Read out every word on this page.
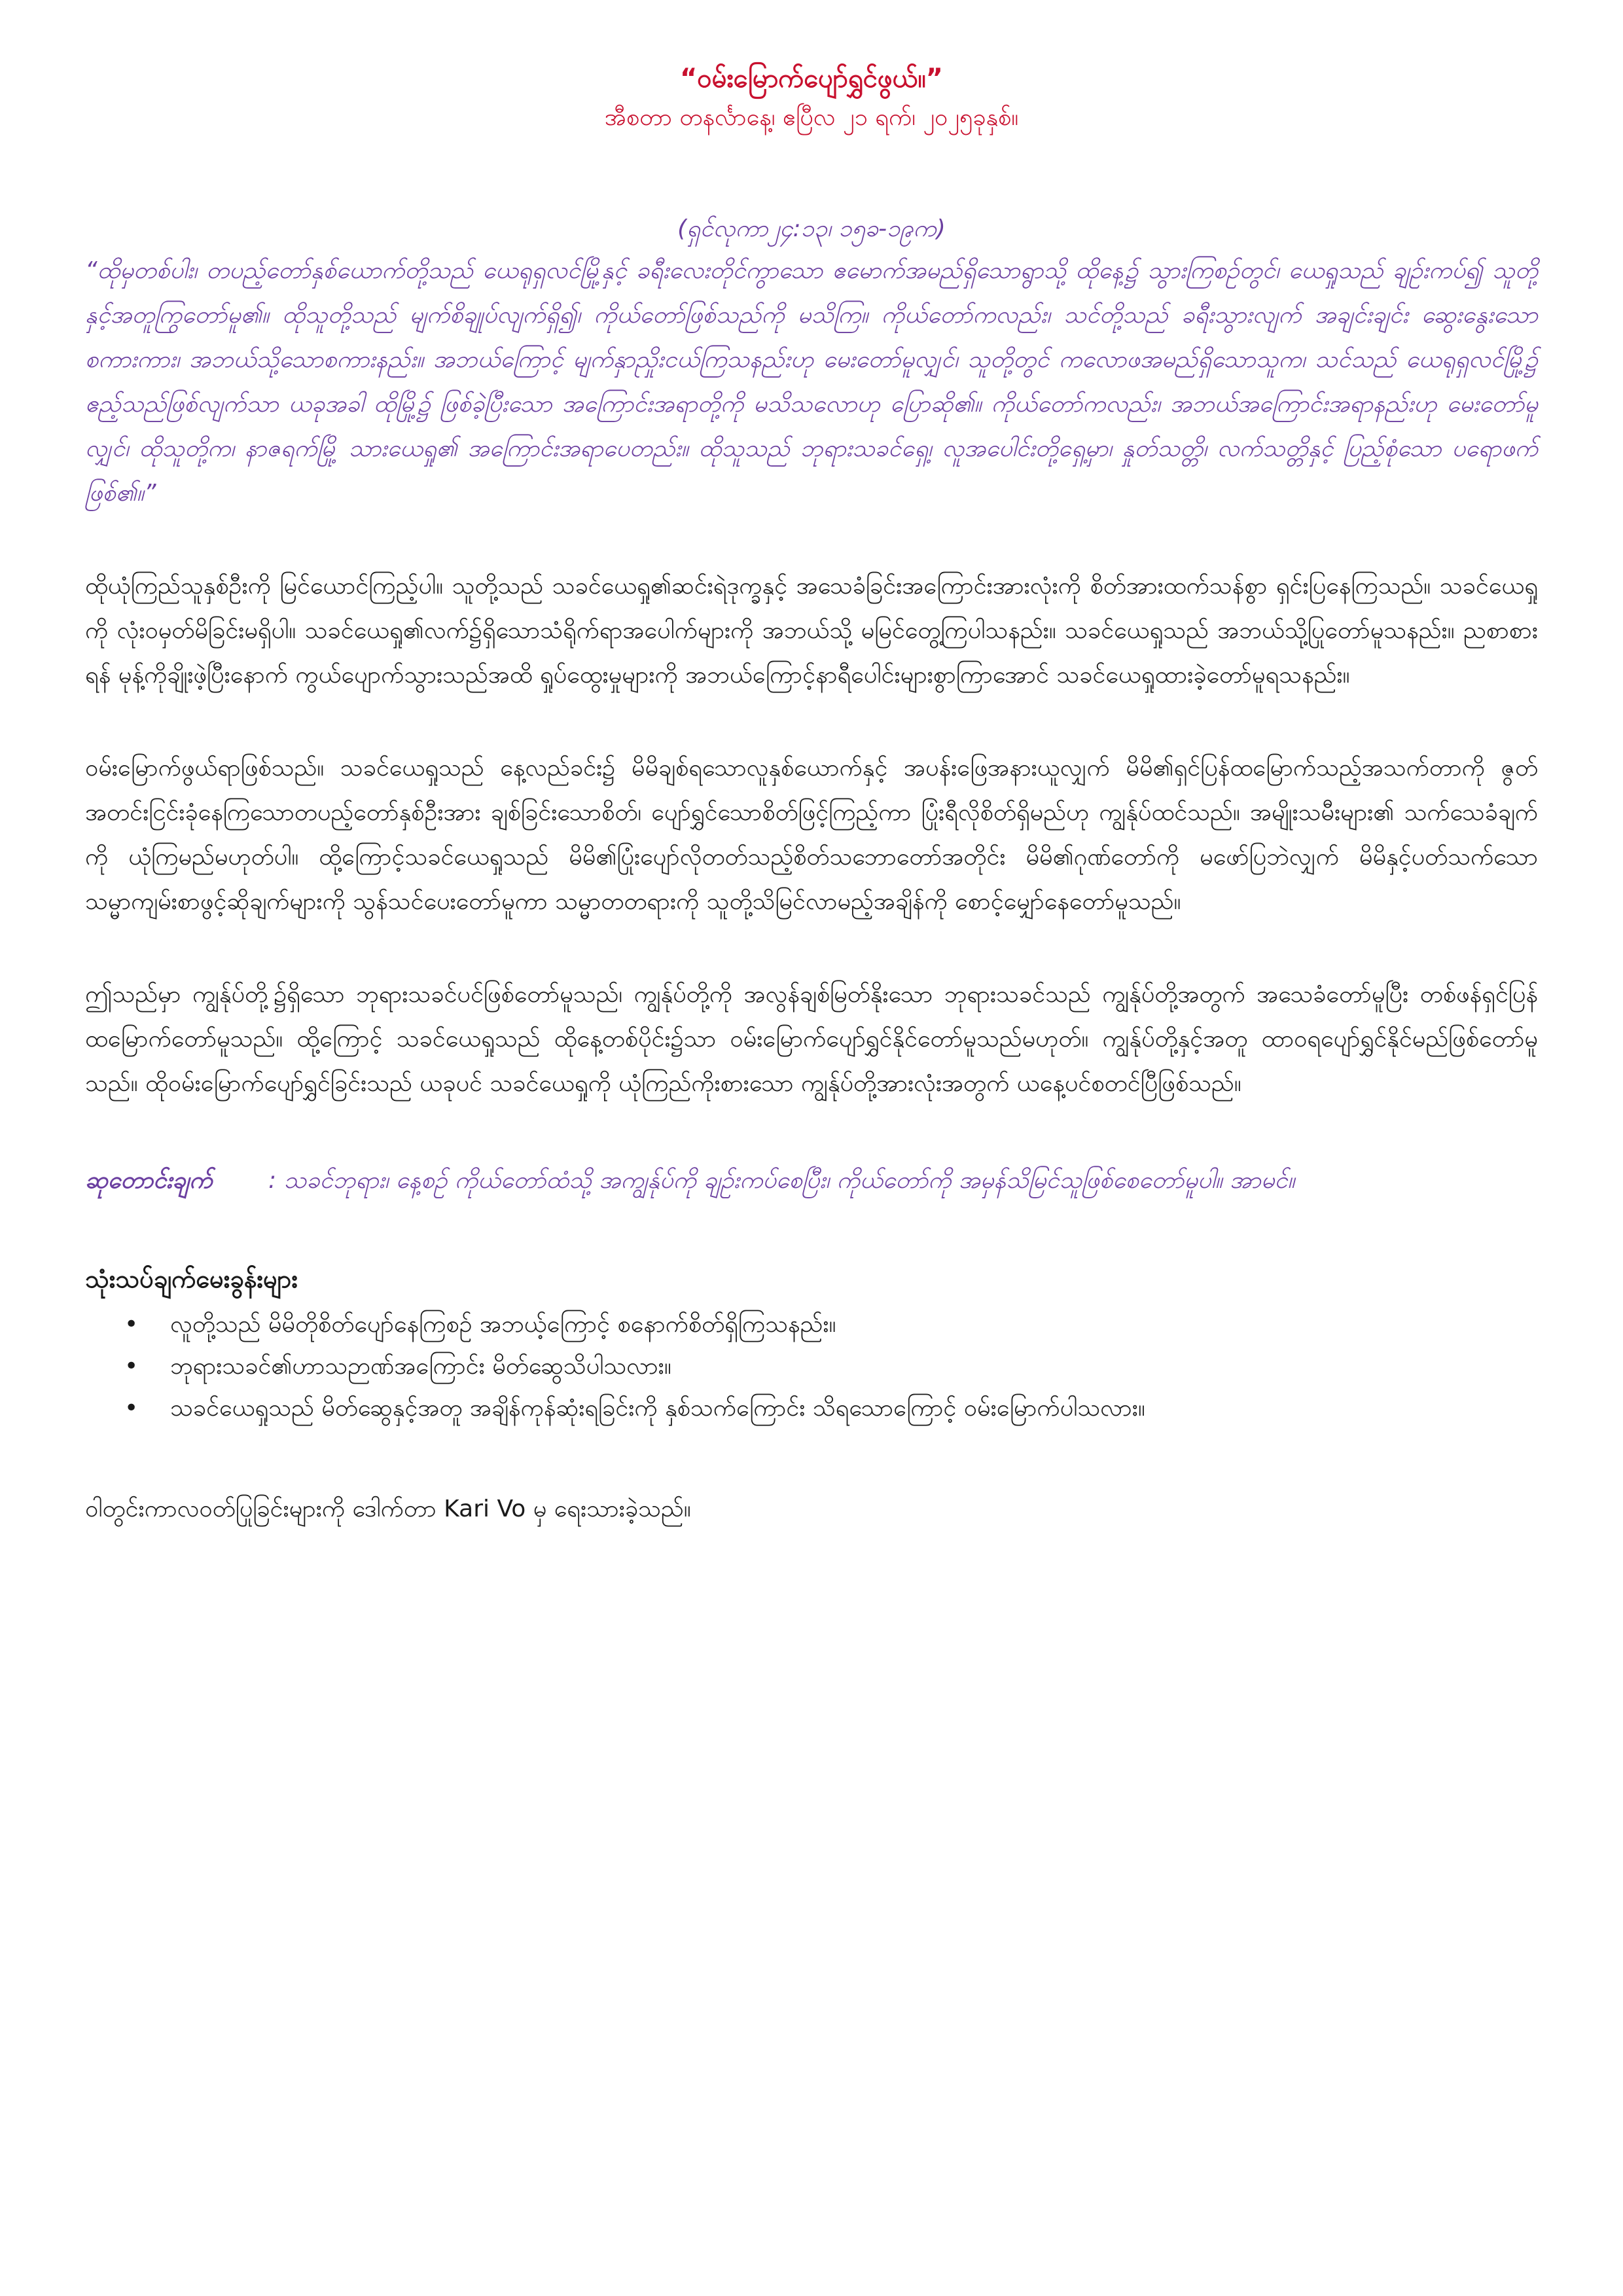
“ဝမ်းမြောက်ပျော်ရွှင်ဖွယ်။”

အီစတာ တနင်္လာနေ့၊ ဧပြီလ ၂၁ ရက်၊ ၂၀၂၅ခုနှစ်။

(ရှင်လုကာ၂၄:၁၃၊ ၁၅ခ-၁၉က)

“ထိုမှတစ်ပါး၊ တပည့်တော်နှစ်ယောက်တို့သည် ယေရုရှလင်မြို့နှင့် ခရီးလေးတိုင်ကွာသော ဧမောက်အမည်ရှိသောရွာသို့ ထိုနေ့၌ သွားကြစဉ်တွင်၊ ယေရှုသည် ချဉ်းကပ်၍ သူတို့နှင့်အတူကြွတော်မူ၏။ ထိုသူတို့သည် မျက်စိချုပ်လျက်ရှိ၍၊ ကိုယ်တော်ဖြစ်သည်ကို မသိကြ။ ကိုယ်တော်ကလည်း၊ သင်တို့သည် ခရီးသွားလျက် အချင်းချင်း ဆွေးနွေးသောစကားကား၊ အဘယ်သို့သောစကားနည်း။ အဘယ်ကြောင့် မျက်နှာညှိုးငယ်ကြသနည်းဟု မေးတော်မူလျှင်၊ သူတို့တွင် ကလောဖအမည်ရှိသောသူက၊ သင်သည် ယေရုရှလင်မြို့၌ ဧည့်သည်ဖြစ်လျက်သာ ယခုအခါ ထိုမြို့၌ ဖြစ်ခဲ့ပြီးသော အကြောင်းအရာတို့ကို မသိသလောဟု ပြောဆို၏။ ကိုယ်တော်ကလည်း၊ အဘယ်အကြောင်းအရာနည်းဟု မေးတော်မူလျှင်၊ ထိုသူတို့က၊ နာဇရက်မြို့ သားယေရှု၏ အကြောင်းအရာပေတည်း။ ထိုသူသည် ဘုရားသခင်ရှေ့၊ လူအပေါင်းတို့ရှေ့မှာ၊ နှုတ်သတ္တိ၊ လက်သတ္တိနှင့် ပြည့်စုံသော ပရောဖက်ဖြစ်၏။”

ထိုယုံကြည်သူနှစ်ဦးကို မြင်ယောင်ကြည့်ပါ။ သူတို့သည် သခင်ယေရှု၏ဆင်းရဲဒုက္ခနှင့် အသေခံခြင်းအကြောင်းအားလုံးကို စိတ်အားထက်သန်စွာ ရှင်းပြနေကြသည်။ သခင်ယေရှုကို လုံးဝမှတ်မိခြင်းမရှိပါ။ သခင်ယေရှု၏လက်၌ရှိသောသံရိုက်ရာအပေါက်များကို အဘယ်သို့ မမြင်တွေ့ကြပါသနည်း။ သခင်ယေရှုသည် အဘယ်သို့ပြုတော်မူသနည်း။ ညစာစားရန် မုန့်ကိုချိုးဖဲ့ပြီးနောက် ကွယ်ပျောက်သွားသည်အထိ ရှုပ်ထွေးမှုများကို အဘယ်ကြောင့်နာရီပေါင်းများစွာကြာအောင် သခင်ယေရှုထားခဲ့တော်မူရသနည်း။

ဝမ်းမြောက်ဖွယ်ရာဖြစ်သည်။ သခင်ယေရှုသည် နေ့လည်ခင်း၌ မိမိချစ်ရသောလူနှစ်ယောက်နှင့် အပန်းဖြေအနားယူလျှက် မိမိ၏ရှင်ပြန်ထမြောက်သည့်အသက်တာကို ဇွတ်အတင်းငြင်းခုံနေကြသောတပည့်တော်နှစ်ဦးအား ချစ်ခြင်းသောစိတ်၊ ပျော်ရွှင်သောစိတ်ဖြင့်ကြည့်ကာ ပြုံးရီလိုစိတ်ရှိမည်ဟု ကျွန်ုပ်ထင်သည်။ အမျိုးသမီးများ၏ သက်သေခံချက်ကို ယုံကြမည်မဟုတ်ပါ။ ထို့ကြောင့်သခင်ယေရှုသည် မိမိ၏ပြုံးပျော်လိုတတ်သည့်စိတ်သဘောတော်အတိုင်း မိမိ၏ဂုဏ်တော်ကို မဖော်ပြဘဲလျှက် မိမိနှင့်ပတ်သက်သော သမ္မာကျမ်းစာဖွင့်ဆိုချက်များကို သွန်သင်ပေးတော်မူကာ သမ္မာတတရားကို သူတို့သိမြင်လာမည့်အချိန်ကို စောင့်မျှော်နေတော်မူသည်။

ဤသည်မှာ ကျွန်ုပ်တို့၌ရှိသော ဘုရားသခင်ပင်ဖြစ်တော်မူသည်၊ ကျွန်ုပ်တို့ကို အလွန်ချစ်မြတ်နိုးသော ဘုရားသခင်သည် ကျွန်ုပ်တို့အတွက် အသေခံတော်မူပြီး တစ်ဖန်ရှင်ပြန်ထမြောက်တော်မူသည်။ ထို့ကြောင့် သခင်ယေရှုသည် ထိုနေ့တစ်ပိုင်း၌သာ ဝမ်းမြောက်ပျော်ရွှင်နိုင်တော်မူသည်မဟုတ်။ ကျွန်ုပ်တို့နှင့်အတူ ထာဝရပျော်ရွှင်နိုင်မည်ဖြစ်တော်မူသည်။ ထိုဝမ်းမြောက်ပျော်ရွှင်ခြင်းသည် ယခုပင် သခင်ယေရှုကို ယုံကြည်ကိုးစားသော ကျွန်ုပ်တို့အားလုံးအတွက် ယနေ့ပင်စတင်ပြီဖြစ်သည်။

ဆုတောင်းချက် : သခင်ဘုရား၊ နေ့စဉ် ကိုယ်တော်ထံသို့ အကျွန်ုပ်ကို ချဉ်းကပ်စေပြီး၊ ကိုယ်တော်ကို အမှန်သိမြင်သူဖြစ်စေတော်မူပါ။ အာမင်။

သုံးသပ်ချက်မေးခွန်းများ
• လူတို့သည် မိမိတိုစိတ်ပျော်နေကြစဉ် အဘယ့်ကြောင့် စနောက်စိတ်ရှိကြသနည်း။
• ဘုရားသခင်၏ဟာသဉာဏ်အကြောင်း မိတ်ဆွေသိပါသလား။
• သခင်ယေရှုသည် မိတ်ဆွေနှင့်အတူ အချိန်ကုန်ဆုံးရခြင်းကို နှစ်သက်ကြောင်း သိရသောကြောင့် ဝမ်းမြောက်ပါသလား။

ဝါတွင်းကာလဝတ်ပြုခြင်းများကို ဒေါက်တာ Kari Vo မှ ရေးသားခဲ့သည်။
